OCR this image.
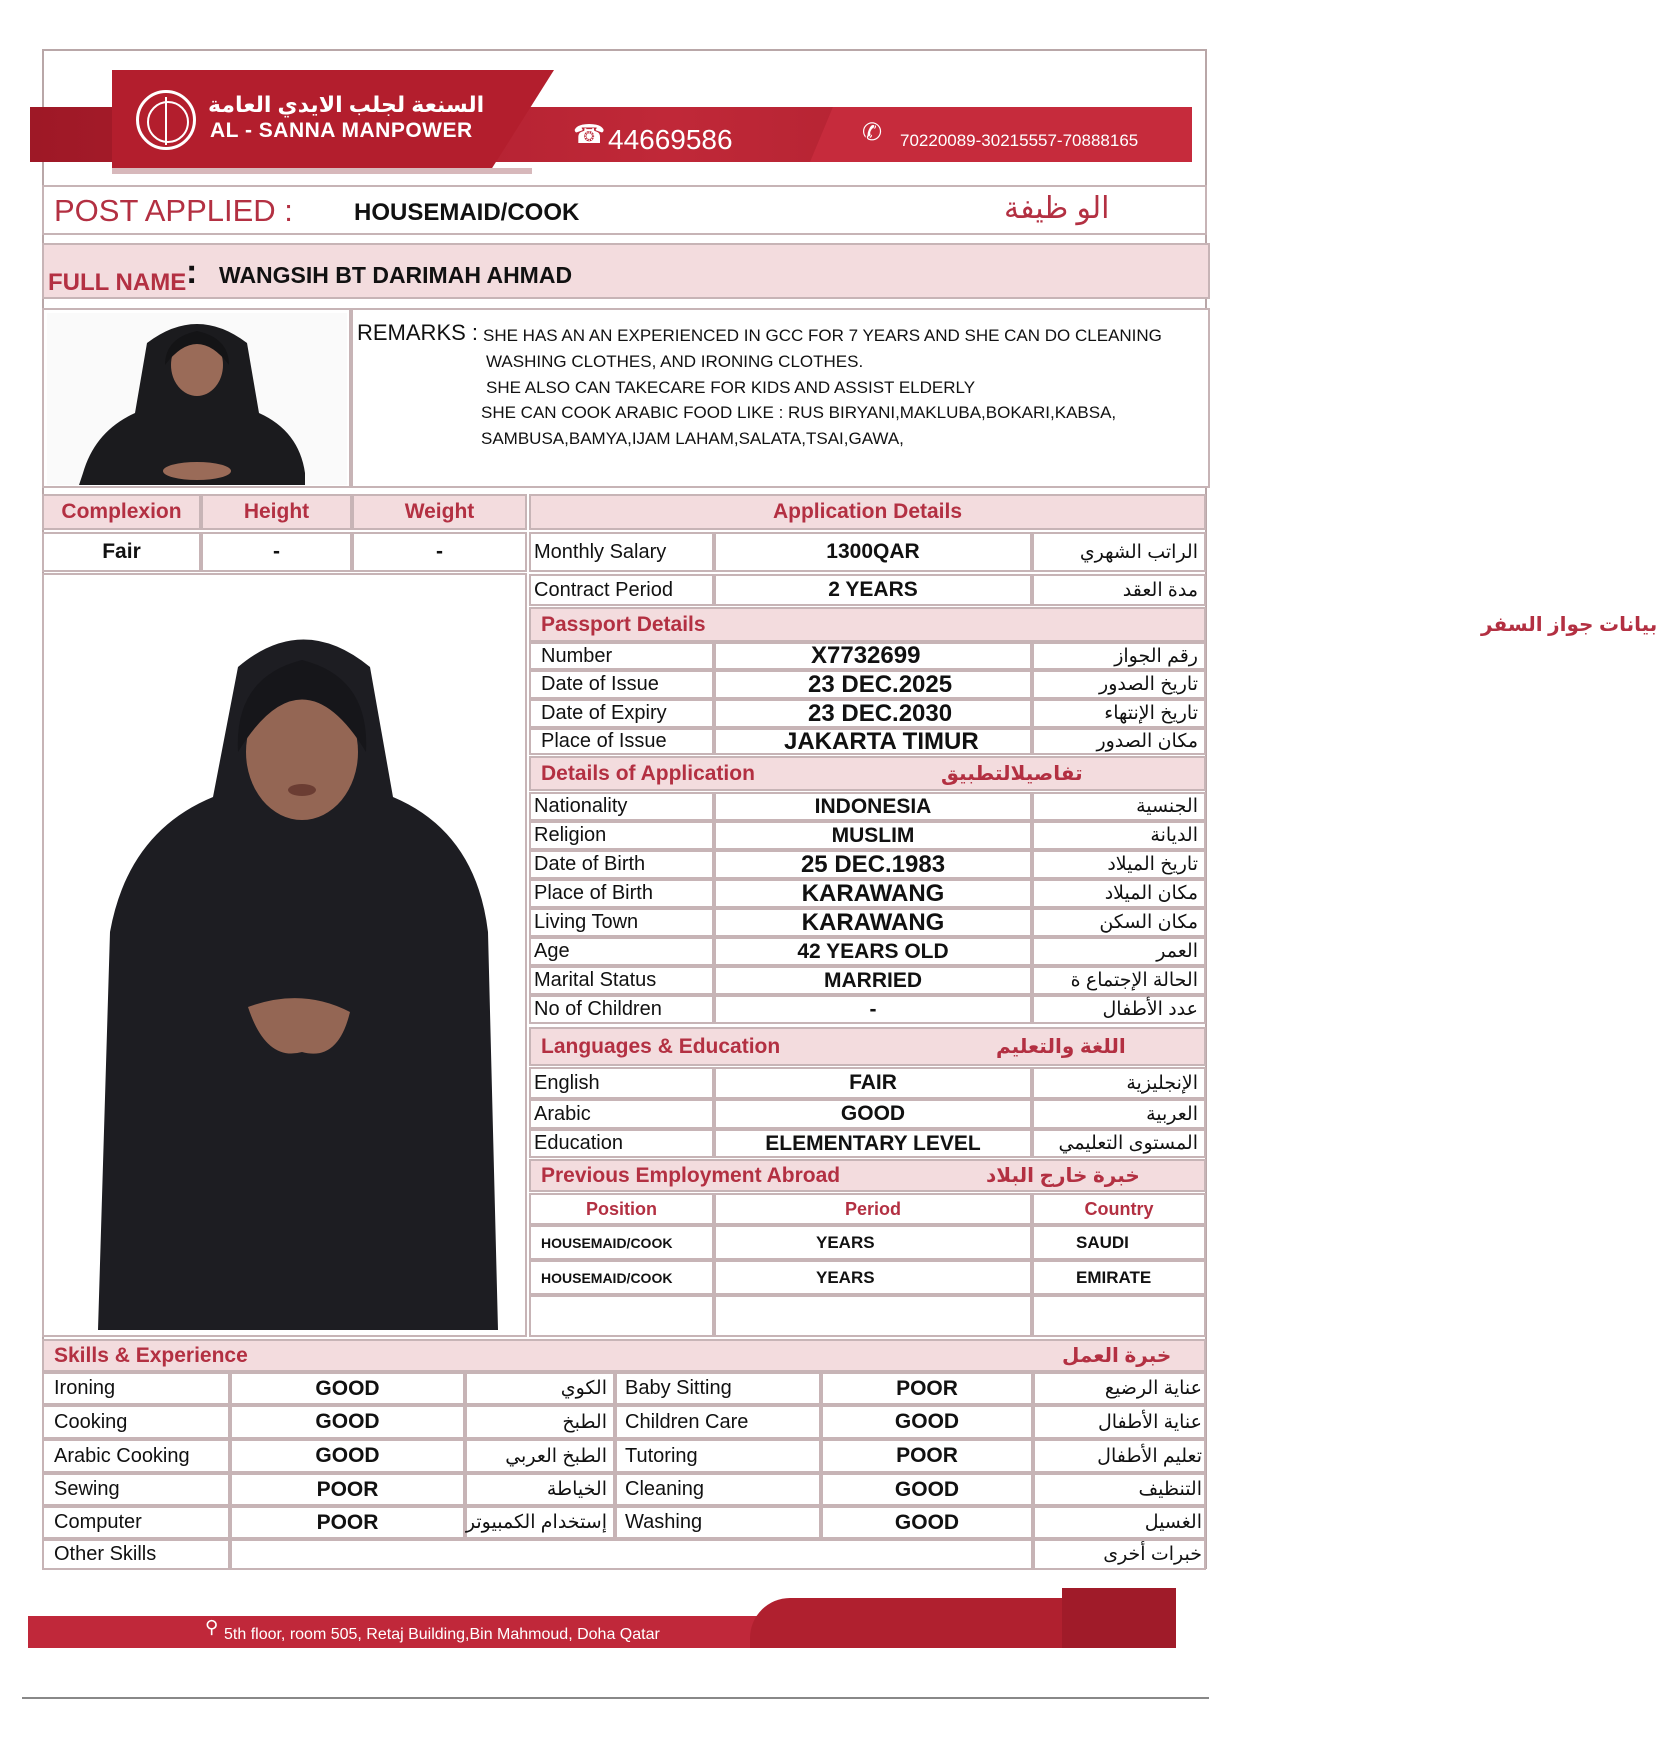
السنعة لجلب الايدي العامة
AL - SANNA MANPOWER	☎ 44669586	✆ 70220089-30215557-70888165
POST APPLIED :	HOUSEMAID/COOK	الو ظيفة
FULL NAME : WANGSIH BT DARIMAH AHMAD
REMARKS : SHE HAS AN AN EXPERIENCED IN GCC FOR 7 YEARS AND SHE CAN DO CLEANING
WASHING CLOTHES, AND IRONING CLOTHES.
SHE ALSO CAN TAKECARE FOR KIDS AND ASSIST ELDERLY
SHE CAN COOK ARABIC FOOD LIKE : RUS BIRYANI,MAKLUBA,BOKARI,KABSA,
SAMBUSA,BAMYA,IJAM LAHAM,SALATA,TSAI,GAWA,
Complexion	Height	Weight
Fair	-	-
Application Details
Monthly Salary	1300QAR	الراتب الشهري
Contract Period	2 YEARS	مدة العقد
Passport Details	بيانات جواز السفر
Number	X7732699	رقم الجواز
Date of Issue	23 DEC.2025	تاريخ الصدور
Date of Expiry	23 DEC.2030	تاريخ الإنتهاء
Place of Issue	JAKARTA TIMUR	مكان الصدور
Details of Application	تفاصيلالتطبيق
Nationality	INDONESIA	الجنسية
Religion	MUSLIM	الديانة
Date of Birth	25 DEC.1983	تاريخ الميلاد
Place of Birth	KARAWANG	مكان الميلاد
Living Town	KARAWANG	مكان السكن
Age	42 YEARS OLD	العمر
Marital Status	MARRIED	الحالة الإجتماع ة
No of Children	-	عدد الأطفال
Languages & Education	اللغة والتعليم
English	FAIR	الإنجليزية
Arabic	GOOD	العربية
Education	ELEMENTARY LEVEL	المستوى التعليمي
Previous Employment Abroad	خبرة خارج البلاد
Position	Period	Country
HOUSEMAID/COOK	YEARS	SAUDI
HOUSEMAID/COOK	YEARS	EMIRATE
Skills & Experience	خبرة العمل
Ironing	GOOD	الكوي Baby Sitting	POOR	عناية الرضيع
Cooking	GOOD	الطبخ Children Care	GOOD	عناية الأطفال
Arabic Cooking	GOOD	الطبخ العربي Tutoring	POOR	تعليم الأطفال
Sewing	POOR	الخياطة Cleaning	GOOD	التنظيف
Computer	POOR	إستخدام الكمبيوتر Washing	GOOD	الغسيل
Other Skills	خبرات أخرى
⚲ 5th floor, room 505, Retaj Building,Bin Mahmoud, Doha Qatar
